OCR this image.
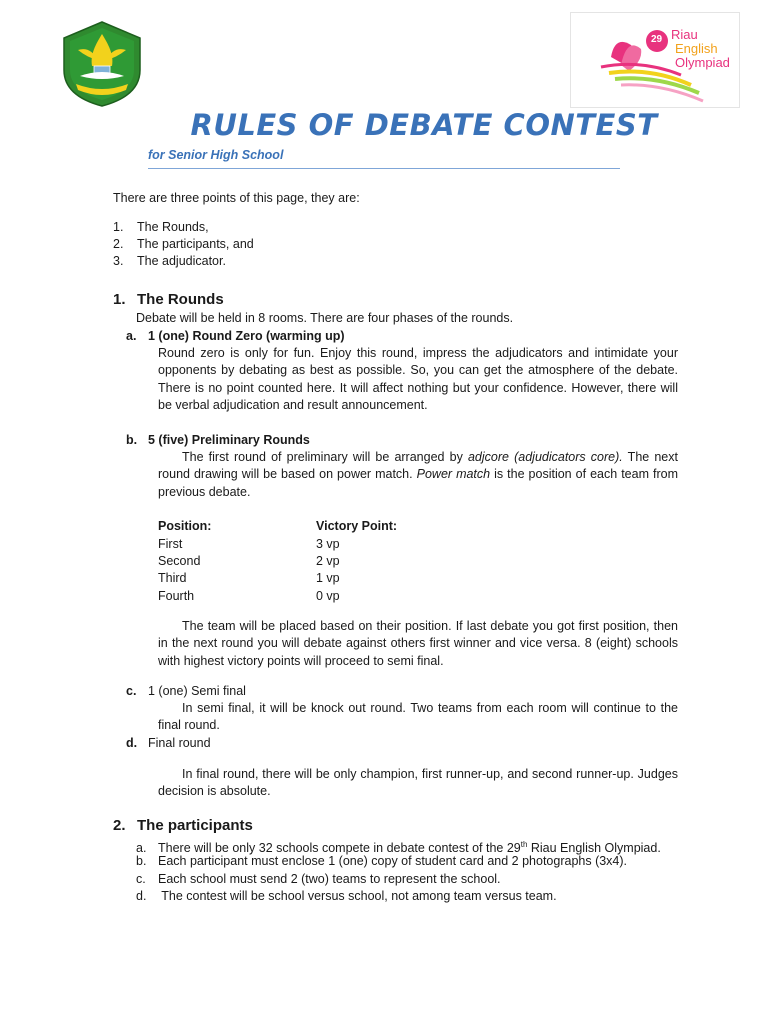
29 Riau
English
Olympiad
RULES OF DEBATE CONTEST
for Senior High School
There are three points of this page, they are:
1. The Rounds,
2. The participants, and
3. The adjudicator.
1. The Rounds
Debate will be held in 8 rooms. There are four phases of the rounds.
a. 1 (one) Round Zero (warming up)
Round zero is only for fun. Enjoy this round, impress the adjudicators and intimidate your opponents by debating as best as possible. So, you can get the atmosphere of the debate. There is no point counted here. It will affect nothing but your confidence. However, there will be verbal adjudication and result announcement.
b. 5 (five) Preliminary Rounds
The first round of preliminary will be arranged by adjcore (adjudicators core). The next round drawing will be based on power match. Power match is the position of each team from previous debate.
Position:	Victory Point:
First	3 vp
Second	2 vp
Third	1 vp
Fourth	0 vp
The team will be placed based on their position. If last debate you got first position, then in the next round you will debate against others first winner and vice versa. 8 (eight) schools with highest victory points will proceed to semi final.
c. 1 (one) Semi final
In semi final, it will be knock out round. Two teams from each room will continue to the final round.
d. Final round
In final round, there will be only champion, first runner-up, and second runner-up. Judges decision is absolute.
2. The participants
a. There will be only 32 schools compete in debate contest of the 29th Riau English Olympiad.
b. Each participant must enclose 1 (one) copy of student card and 2 photographs (3x4).
c. Each school must send 2 (two) teams to represent the school.
d. The contest will be school versus school, not among team versus team.
